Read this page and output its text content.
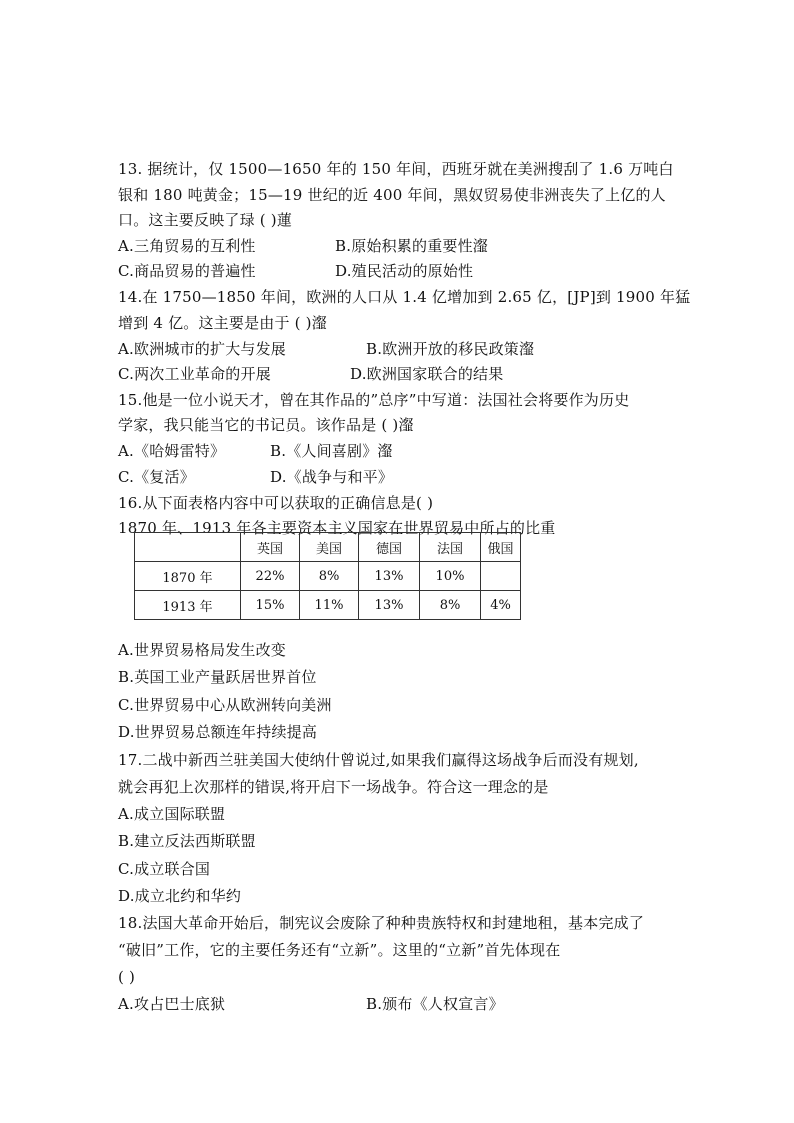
13. 据统计，仅 1500—1650 年的 150 年间，西班牙就在美洲搜刮了 1.6 万吨白
银和 180 吨黄金；15—19 世纪的近 400 年间，黑奴贸易使非洲丧失了上亿的人
口。这主要反映了琭 ( )蓮
A.三角贸易的互利性	B.原始积累的重要性瀣
C.商品贸易的普遍性	D.殖民活动的原始性
14.在 1750—1850 年间，欧洲的人口从 1.4 亿增加到 2.65 亿，[JP]到 1900 年猛
增到 4 亿。这主要是由于 ( )瀣
A.欧洲城市的扩大与发展	B.欧洲开放的移民政策瀣
C.两次工业革命的开展	D.欧洲国家联合的结果
15.他是一位小说天才，曾在其作品的”总序”中写道：法国社会将要作为历史
学家，我只能当它的书记员。该作品是 ( )瀣
A.《哈姆雷特》	B.《人间喜剧》瀣
C.《复活》	D.《战争与和平》
16.从下面表格内容中可以获取的正确信息是( )
1870 年、1913 年各主要资本主义国家在世界贸易中所占的比重
	英国	美国	德国	法国	俄国
1870 年	22%	8%	13%	10%	
1913 年	15%	11%	13%	8%	4%
A.世界贸易格局发生改变
B.英国工业产量跃居世界首位
C.世界贸易中心从欧洲转向美洲
D.世界贸易总额连年持续提高
17.二战中新西兰驻美国大使纳什曾说过,如果我们赢得这场战争后而没有规划,
就会再犯上次那样的错误,将开启下一场战争。符合这一理念的是
A.成立国际联盟
B.建立反法西斯联盟
C.成立联合国
D.成立北约和华约
18.法国大革命开始后，制宪议会废除了种种贵族特权和封建地租，基本完成了
“破旧”工作，它的主要任务还有“立新”。这里的“立新”首先体现在
( )
A.攻占巴士底狱	B.颁布《人权宣言》
